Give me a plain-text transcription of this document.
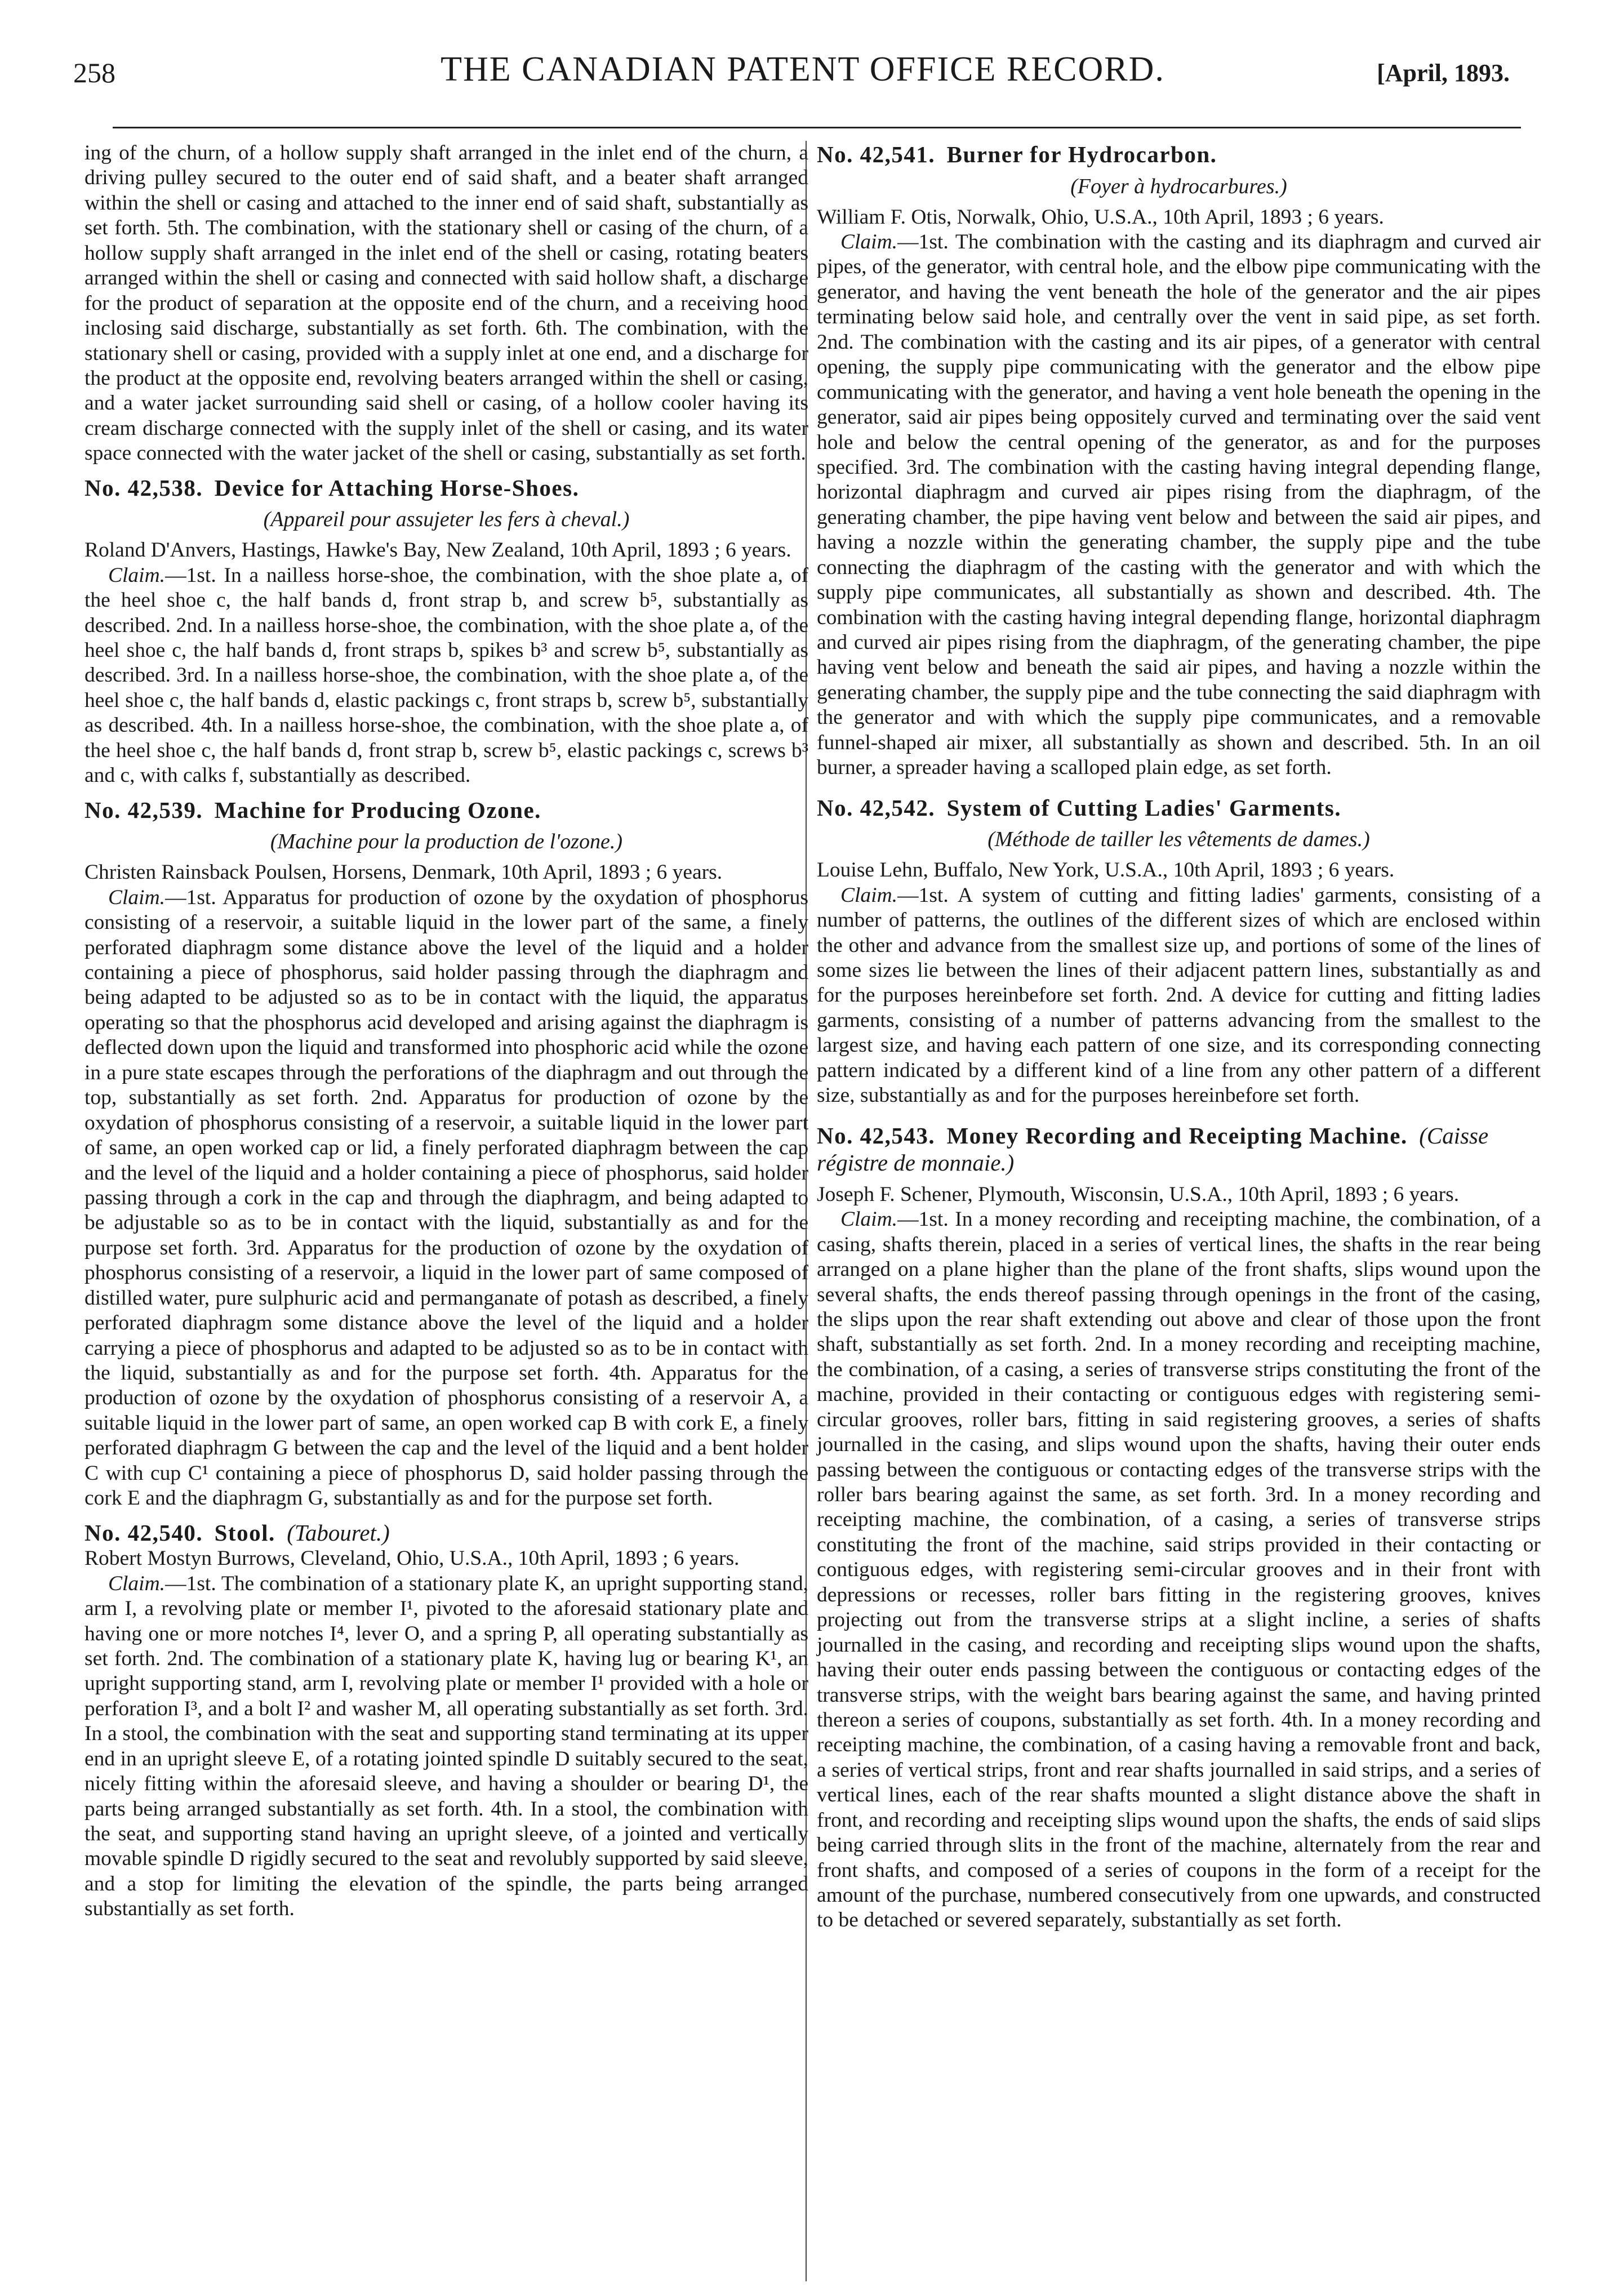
258	THE CANADIAN PATENT OFFICE RECORD.	[April, 1893.

ing of the churn, of a hollow supply shaft arranged in the inlet end of the churn, a driving pulley secured to the outer end of said shaft, and a beater shaft arranged within the shell or casing and attached to the inner end of said shaft, substantially as set forth. 5th. The combination, with the stationary shell or casing of the churn, of a hollow supply shaft arranged in the inlet end of the shell or casing, rotating beaters arranged within the shell or casing and connected with said hollow shaft, a discharge for the product of separation at the opposite end of the churn, and a receiving hood inclosing said discharge, substantially as set forth. 6th. The combination, with the stationary shell or casing, provided with a supply inlet at one end, and a discharge for the product at the opposite end, revolving beaters arranged within the shell or casing, and a water jacket surrounding said shell or casing, of a hollow cooler having its cream discharge connected with the supply inlet of the shell or casing, and its water space connected with the water jacket of the shell or casing, substantially as set forth.

No. 42,538. Device for Attaching Horse-Shoes.

(Appareil pour assujeter les fers à cheval.)

Roland D'Anvers, Hastings, Hawke's Bay, New Zealand, 10th April, 1893 ; 6 years.

Claim.—1st. In a nailless horse-shoe, the combination, with the shoe plate a, of the heel shoe c, the half bands d, front strap b, and screw b⁵, substantially as described. 2nd. In a nailless horse-shoe, the combination, with the shoe plate a, of the heel shoe c, the half bands d, front straps b, spikes b³ and screw b⁵, substantially as described. 3rd. In a nailless horse-shoe, the combination, with the shoe plate a, of the heel shoe c, the half bands d, elastic packings c, front straps b, screw b⁵, substantially as described. 4th. In a nailless horse-shoe, the combination, with the shoe plate a, of the heel shoe c, the half bands d, front strap b, screw b⁵, elastic packings c, screws b³ and c, with calks f, substantially as described.

No. 42,539. Machine for Producing Ozone.

(Machine pour la production de l'ozone.)

Christen Rainsback Poulsen, Horsens, Denmark, 10th April, 1893 ; 6 years.

Claim.—1st. Apparatus for production of ozone by the oxydation of phosphorus consisting of a reservoir, a suitable liquid in the lower part of the same, a finely perforated diaphragm some distance above the level of the liquid and a holder containing a piece of phosphorus, said holder passing through the diaphragm and being adapted to be adjusted so as to be in contact with the liquid, the apparatus operating so that the phosphorus acid developed and arising against the diaphragm is deflected down upon the liquid and transformed into phosphoric acid while the ozone in a pure state escapes through the perforations of the diaphragm and out through the top, substantially as set forth. 2nd. Apparatus for production of ozone by the oxydation of phosphorus consisting of a reservoir, a suitable liquid in the lower part of same, an open worked cap or lid, a finely perforated diaphragm between the cap and the level of the liquid and a holder containing a piece of phosphorus, said holder passing through a cork in the cap and through the diaphragm, and being adapted to be adjustable so as to be in contact with the liquid, substantially as and for the purpose set forth. 3rd. Apparatus for the production of ozone by the oxydation of phosphorus consisting of a reservoir, a liquid in the lower part of same composed of distilled water, pure sulphuric acid and permanganate of potash as described, a finely perforated diaphragm some distance above the level of the liquid and a holder carrying a piece of phosphorus and adapted to be adjusted so as to be in contact with the liquid, substantially as and for the purpose set forth. 4th. Apparatus for the production of ozone by the oxydation of phosphorus consisting of a reservoir A, a suitable liquid in the lower part of same, an open worked cap B with cork E, a finely perforated diaphragm G between the cap and the level of the liquid and a bent holder C with cup C¹ containing a piece of phosphorus D, said holder passing through the cork E and the diaphragm G, substantially as and for the purpose set forth.

No. 42,540. Stool. (Tabouret.)

Robert Mostyn Burrows, Cleveland, Ohio, U.S.A., 10th April, 1893 ; 6 years.

Claim.—1st. The combination of a stationary plate K, an upright supporting stand, arm I, a revolving plate or member I¹, pivoted to the aforesaid stationary plate and having one or more notches I⁴, lever O, and a spring P, all operating substantially as set forth. 2nd. The combination of a stationary plate K, having lug or bearing K¹, an upright supporting stand, arm I, revolving plate or member I¹ provided with a hole or perforation I³, and a bolt I² and washer M, all operating substantially as set forth. 3rd. In a stool, the combination with the seat and supporting stand terminating at its upper end in an upright sleeve E, of a rotating jointed spindle D suitably secured to the seat, nicely fitting within the aforesaid sleeve, and having a shoulder or bearing D¹, the parts being arranged substantially as set forth. 4th. In a stool, the combination with the seat, and supporting stand having an upright sleeve, of a jointed and vertically movable spindle D rigidly secured to the seat and revolubly supported by said sleeve, and a stop for limiting the elevation of the spindle, the parts being arranged substantially as set forth.

No. 42,541. Burner for Hydrocarbon.

(Foyer à hydrocarbures.)

William F. Otis, Norwalk, Ohio, U.S.A., 10th April, 1893 ; 6 years.

Claim.—1st. The combination with the casting and its diaphragm and curved air pipes, of the generator, with central hole, and the elbow pipe communicating with the generator, and having the vent beneath the hole of the generator and the air pipes terminating below said hole, and centrally over the vent in said pipe, as set forth. 2nd. The combination with the casting and its air pipes, of a generator with central opening, the supply pipe communicating with the generator and the elbow pipe communicating with the generator, and having a vent hole beneath the opening in the generator, said air pipes being oppositely curved and terminating over the said vent hole and below the central opening of the generator, as and for the purposes specified. 3rd. The combination with the casting having integral depending flange, horizontal diaphragm and curved air pipes rising from the diaphragm, of the generating chamber, the pipe having vent below and between the said air pipes, and having a nozzle within the generating chamber, the supply pipe and the tube connecting the diaphragm of the casting with the generator and with which the supply pipe communicates, all substantially as shown and described. 4th. The combination with the casting having integral depending flange, horizontal diaphragm and curved air pipes rising from the diaphragm, of the generating chamber, the pipe having vent below and beneath the said air pipes, and having a nozzle within the generating chamber, the supply pipe and the tube connecting the said diaphragm with the generator and with which the supply pipe communicates, and a removable funnel-shaped air mixer, all substantially as shown and described. 5th. In an oil burner, a spreader having a scalloped plain edge, as set forth.

No. 42,542. System of Cutting Ladies' Garments.

(Méthode de tailler les vêtements de dames.)

Louise Lehn, Buffalo, New York, U.S.A., 10th April, 1893 ; 6 years.

Claim.—1st. A system of cutting and fitting ladies' garments, consisting of a number of patterns, the outlines of the different sizes of which are enclosed within the other and advance from the smallest size up, and portions of some of the lines of some sizes lie between the lines of their adjacent pattern lines, substantially as and for the purposes hereinbefore set forth. 2nd. A device for cutting and fitting ladies garments, consisting of a number of patterns advancing from the smallest to the largest size, and having each pattern of one size, and its corresponding connecting pattern indicated by a different kind of a line from any other pattern of a different size, substantially as and for the purposes hereinbefore set forth.

No. 42,543. Money Recording and Receipting Machine. (Caisse régistre de monnaie.)

Joseph F. Schener, Plymouth, Wisconsin, U.S.A., 10th April, 1893 ; 6 years.

Claim.—1st. In a money recording and receipting machine, the combination, of a casing, shafts therein, placed in a series of vertical lines, the shafts in the rear being arranged on a plane higher than the plane of the front shafts, slips wound upon the several shafts, the ends thereof passing through openings in the front of the casing, the slips upon the rear shaft extending out above and clear of those upon the front shaft, substantially as set forth. 2nd. In a money recording and receipting machine, the combination, of a casing, a series of transverse strips constituting the front of the machine, provided in their contacting or contiguous edges with registering semi-circular grooves, roller bars, fitting in said registering grooves, a series of shafts journalled in the casing, and slips wound upon the shafts, having their outer ends passing between the contiguous or contacting edges of the transverse strips with the roller bars bearing against the same, as set forth. 3rd. In a money recording and receipting machine, the combination, of a casing, a series of transverse strips constituting the front of the machine, said strips provided in their contacting or contiguous edges, with registering semi-circular grooves and in their front with depressions or recesses, roller bars fitting in the registering grooves, knives projecting out from the transverse strips at a slight incline, a series of shafts journalled in the casing, and recording and receipting slips wound upon the shafts, having their outer ends passing between the contiguous or contacting edges of the transverse strips, with the weight bars bearing against the same, and having printed thereon a series of coupons, substantially as set forth. 4th. In a money recording and receipting machine, the combination, of a casing having a removable front and back, a series of vertical strips, front and rear shafts journalled in said strips, and a series of vertical lines, each of the rear shafts mounted a slight distance above the shaft in front, and recording and receipting slips wound upon the shafts, the ends of said slips being carried through slits in the front of the machine, alternately from the rear and front shafts, and composed of a series of coupons in the form of a receipt for the amount of the purchase, numbered consecutively from one upwards, and constructed to be detached or severed separately, substantially as set forth.
